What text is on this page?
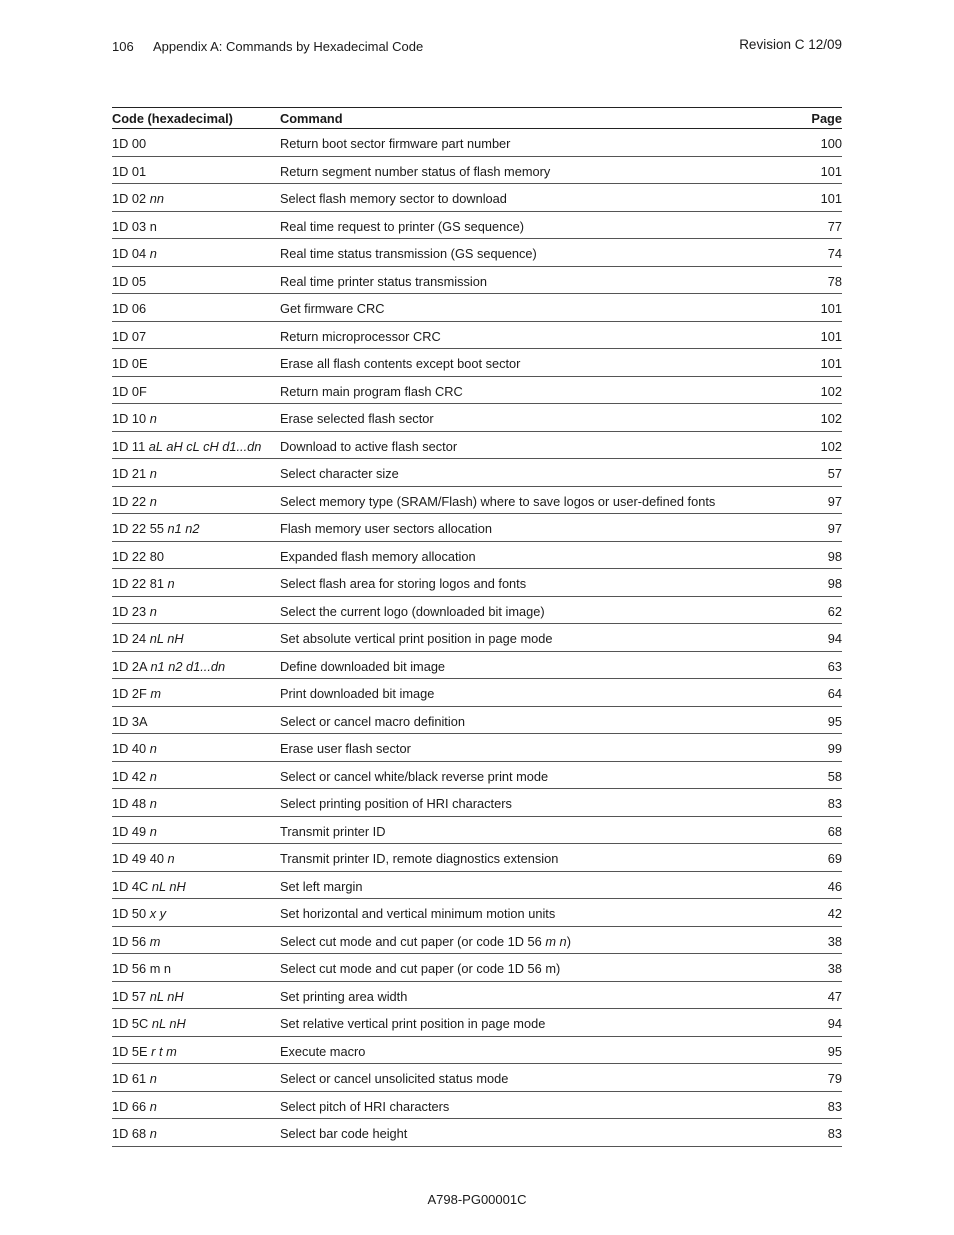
106 Appendix A: Commands by Hexadecimal Code	Revision C 12/09
Code (hexadecimal)	Command	Page
1D 00	Return boot sector firmware part number	100
1D 01	Return segment number status of flash memory	101
1D 02 nn	Select flash memory sector to download	101
1D 03 n	Real time request to printer (GS sequence)	77
1D 04 n	Real time status transmission (GS sequence)	74
1D 05	Real time printer status transmission	78
1D 06	Get firmware CRC	101
1D 07	Return microprocessor CRC	101
1D 0E	Erase all flash contents except boot sector	101
1D 0F	Return main program flash CRC	102
1D 10 n	Erase selected flash sector	102
1D 11 aL aH cL cH d1...dn	Download to active flash sector	102
1D 21 n	Select character size	57
1D 22 n	Select memory type (SRAM/Flash) where to save logos or user-defined fonts	97
1D 22 55 n1 n2	Flash memory user sectors allocation	97
1D 22 80	Expanded flash memory allocation	98
1D 22 81 n	Select flash area for storing logos and fonts	98
1D 23 n	Select the current logo (downloaded bit image)	62
1D 24 nL nH	Set absolute vertical print position in page mode	94
1D 2A n1 n2 d1...dn	Define downloaded bit image	63
1D 2F m	Print downloaded bit image	64
1D 3A	Select or cancel macro definition	95
1D 40 n	Erase user flash sector	99
1D 42 n	Select or cancel white/black reverse print mode	58
1D 48 n	Select printing position of HRI characters	83
1D 49 n	Transmit printer ID	68
1D 49 40 n	Transmit printer ID, remote diagnostics extension	69
1D 4C nL nH	Set left margin	46
1D 50 x y	Set horizontal and vertical minimum motion units	42
1D 56 m	Select cut mode and cut paper (or code 1D 56 m n)	38
1D 56 m n	Select cut mode and cut paper (or code 1D 56 m)	38
1D 57 nL nH	Set printing area width	47
1D 5C nL nH	Set relative vertical print position in page mode	94
1D 5E r t m	Execute macro	95
1D 61 n	Select or cancel unsolicited status mode	79
1D 66 n	Select pitch of HRI characters	83
1D 68 n	Select bar code height	83
A798-PG00001C
